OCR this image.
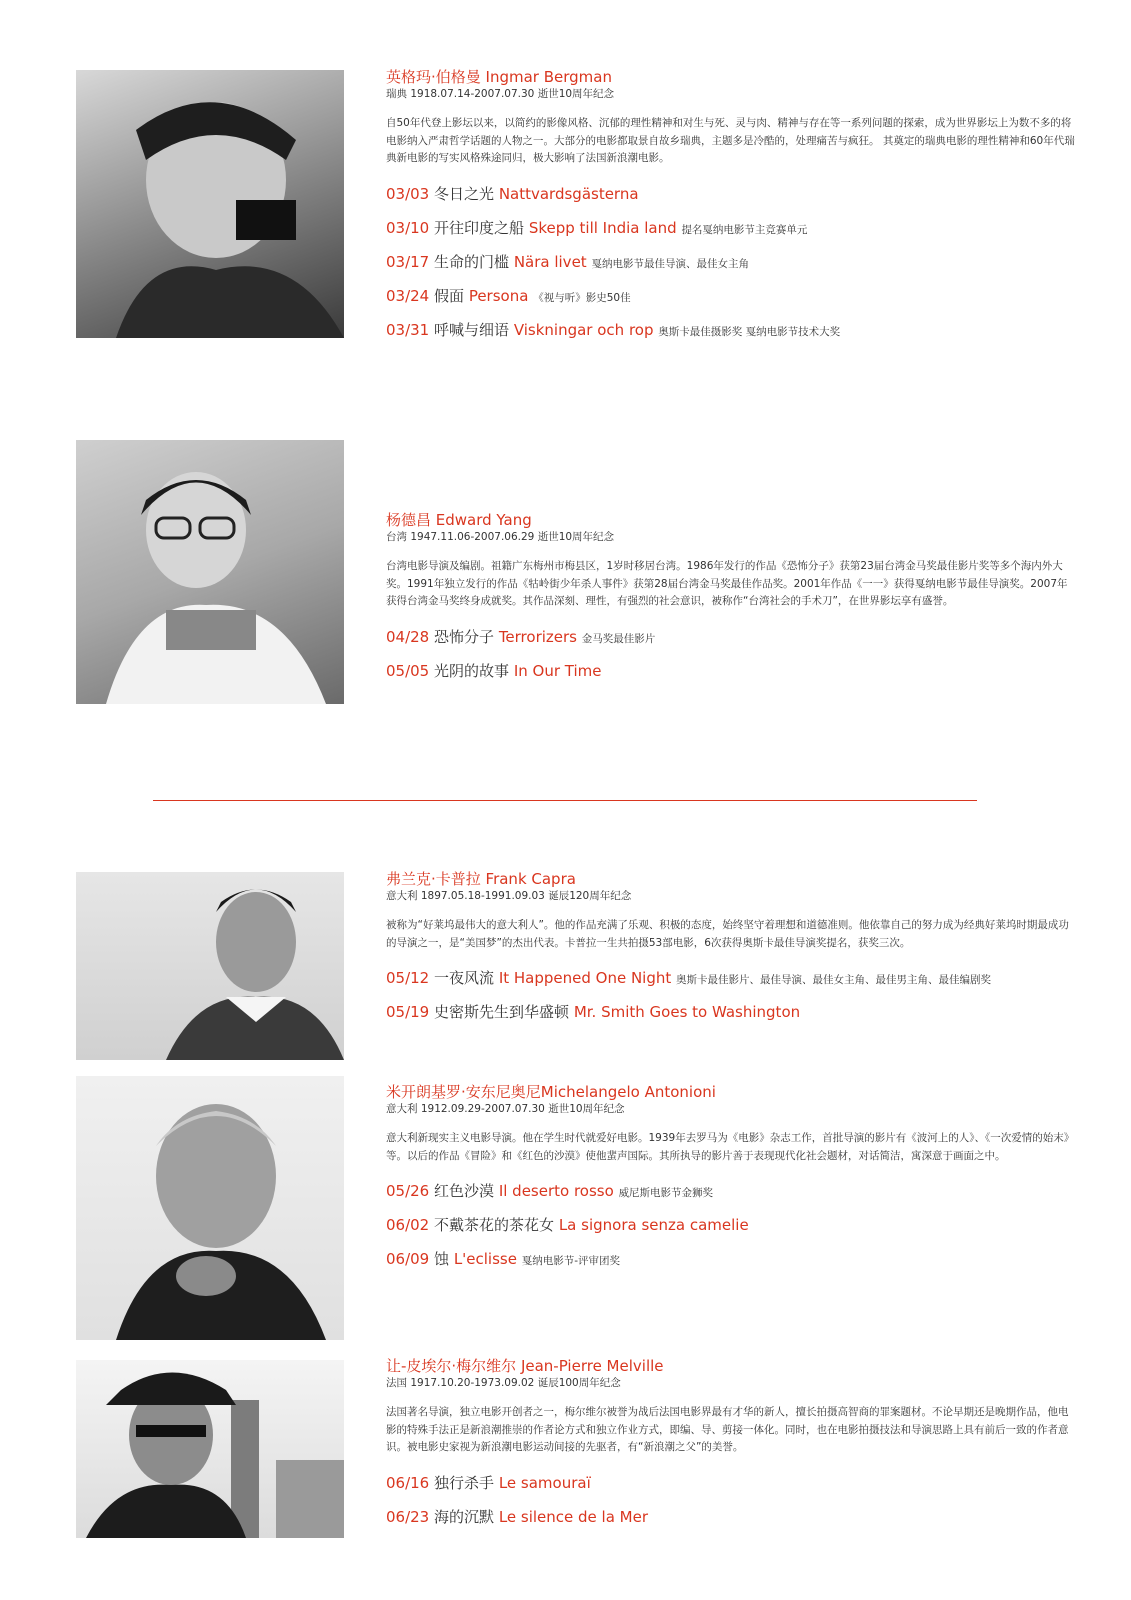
英格玛·伯格曼 Ingmar Bergman
瑞典 1918.07.14-2007.07.30 逝世10周年纪念
自50年代登上影坛以来，以简约的影像风格、沉郁的理性精神和对生与死、灵与肉、精神与存在等一系列问题的探索，成为世界影坛上为数不多的将电影纳入严肃哲学话题的人物之一。大部分的电影都取景自故乡瑞典，主题多是冷酷的，处理痛苦与疯狂。 其奠定的瑞典电影的理性精神和60年代瑞典新电影的写实风格殊途同归，极大影响了法国新浪潮电影。
03/03 冬日之光 Nattvardsgästerna
03/10 开往印度之船 Skepp till India land 提名戛纳电影节主竞赛单元
03/17 生命的门槛 Nära livet 戛纳电影节最佳导演、最佳女主角
03/24 假面 Persona 《视与听》影史50佳
03/31 呼喊与细语 Viskningar och rop 奥斯卡最佳摄影奖 戛纳电影节技术大奖
杨德昌 Edward Yang
台湾 1947.11.06-2007.06.29 逝世10周年纪念
台湾电影导演及编剧。祖籍广东梅州市梅县区，1岁时移居台湾。1986年发行的作品《恐怖分子》获第23届台湾金马奖最佳影片奖等多个海内外大奖。1991年独立发行的作品《牯岭街少年杀人事件》获第28届台湾金马奖最佳作品奖。2001年作品《一一》获得戛纳电影节最佳导演奖。2007年获得台湾金马奖终身成就奖。其作品深刻、理性，有强烈的社会意识，被称作“台湾社会的手术刀”，在世界影坛享有盛誉。
04/28 恐怖分子 Terrorizers 金马奖最佳影片
05/05 光阴的故事 In Our Time
弗兰克·卡普拉 Frank Capra
意大利 1897.05.18-1991.09.03 诞辰120周年纪念
被称为“好莱坞最伟大的意大利人”。他的作品充满了乐观、积极的态度，始终坚守着理想和道德准则。他依靠自己的努力成为经典好莱坞时期最成功的导演之一，是“美国梦”的杰出代表。卡普拉一生共拍摄53部电影，6次获得奥斯卡最佳导演奖提名，获奖三次。
05/12 一夜风流 It Happened One Night 奥斯卡最佳影片、最佳导演、最佳女主角、最佳男主角、最佳编剧奖
05/19 史密斯先生到华盛顿 Mr. Smith Goes to Washington
米开朗基罗·安东尼奥尼Michelangelo Antonioni
意大利 1912.09.29-2007.07.30 逝世10周年纪念
意大利新现实主义电影导演。他在学生时代就爱好电影。1939年去罗马为《电影》杂志工作，首批导演的影片有《波河上的人》、《一次爱情的始末》等。以后的作品《冒险》和《红色的沙漠》使他蜚声国际。其所执导的影片善于表现现代化社会题材，对话简洁，寓深意于画面之中。
05/26 红色沙漠 Il deserto rosso 威尼斯电影节金狮奖
06/02 不戴茶花的茶花女 La signora senza camelie
06/09 蚀 L'eclisse 戛纳电影节-评审团奖
让-皮埃尔·梅尔维尔 Jean-Pierre Melville
法国 1917.10.20-1973.09.02 诞辰100周年纪念
法国著名导演，独立电影开创者之一，梅尔维尔被誉为战后法国电影界最有才华的新人，擅长拍摄高智商的罪案题材。不论早期还是晚期作品，他电影的特殊手法正是新浪潮推崇的作者论方式和独立作业方式，即编、导、剪接一体化。同时，也在电影拍摄技法和导演思路上具有前后一致的作者意识。被电影史家视为新浪潮电影运动间接的先驱者，有“新浪潮之父”的美誉。
06/16 独行杀手 Le samouraï
06/23 海的沉默 Le silence de la Mer
